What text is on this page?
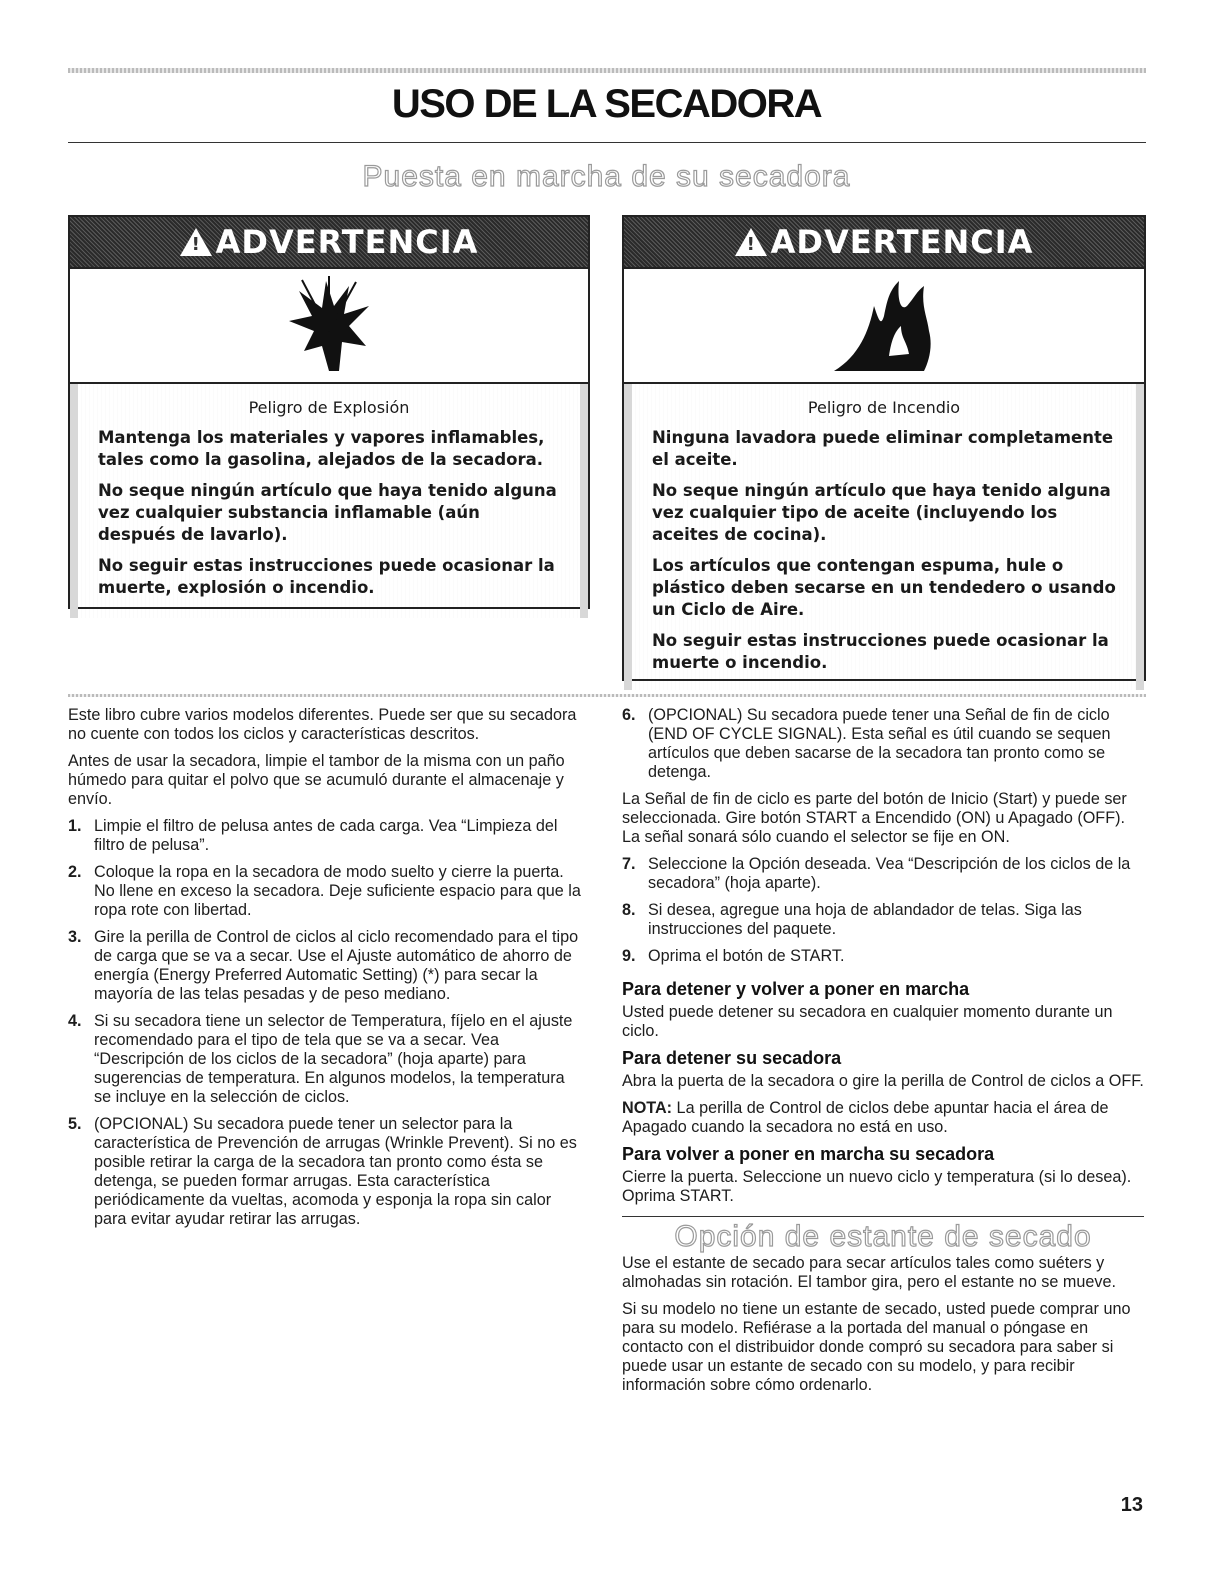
USO DE LA SECADORA
Puesta en marcha de su secadora
!
ADVERTENCIA
Peligro de Explosión

Mantenga los materiales y vapores inflamables, tales como la gasolina, alejados de la secadora.

No seque ningún artículo que haya tenido alguna vez cualquier substancia inflamable (aún después de lavarlo).

No seguir estas instrucciones puede ocasionar la muerte, explosión o incendio.

!
ADVERTENCIA
Peligro de Incendio

Ninguna lavadora puede eliminar completamente el aceite.

No seque ningún artículo que haya tenido alguna vez cualquier tipo de aceite (incluyendo los aceites de cocina).

Los artículos que contengan espuma, hule o plástico deben secarse en un tendedero o usando un Ciclo de Aire.

No seguir estas instrucciones puede ocasionar la muerte o incendio.

Este libro cubre varios modelos diferentes. Puede ser que su secadora no cuente con todos los ciclos y características descritos.

Antes de usar la secadora, limpie el tambor de la misma con un paño húmedo para quitar el polvo que se acumuló durante el almacenaje y envío.

1. Limpie el filtro de pelusa antes de cada carga. Vea “Limpieza del filtro de pelusa”.
2. Coloque la ropa en la secadora de modo suelto y cierre la puerta. No llene en exceso la secadora. Deje suficiente espacio para que la ropa rote con libertad.
3. Gire la perilla de Control de ciclos al ciclo recomendado para el tipo de carga que se va a secar. Use el Ajuste automático de ahorro de energía (Energy Preferred Automatic Setting) (*) para secar la mayoría de las telas pesadas y de peso mediano.
4. Si su secadora tiene un selector de Temperatura, fíjelo en el ajuste recomendado para el tipo de tela que se va a secar. Vea “Descripción de los ciclos de la secadora” (hoja aparte) para sugerencias de temperatura. En algunos modelos, la temperatura se incluye en la selección de ciclos.
5. (OPCIONAL) Su secadora puede tener un selector para la característica de Prevención de arrugas (Wrinkle Prevent). Si no es posible retirar la carga de la secadora tan pronto como ésta se detenga, se pueden formar arrugas. Esta característica periódicamente da vueltas, acomoda y esponja la ropa sin calor para evitar ayudar retirar las arrugas.
6. (OPCIONAL) Su secadora puede tener una Señal de fin de ciclo (END OF CYCLE SIGNAL). Esta señal es útil cuando se sequen artículos que deben sacarse de la secadora tan pronto como se detenga.

La Señal de fin de ciclo es parte del botón de Inicio (Start) y puede ser seleccionada. Gire botón START a Encendido (ON) u Apagado (OFF). La señal sonará sólo cuando el selector se fije en ON.

7. Seleccione la Opción deseada. Vea “Descripción de los ciclos de la secadora” (hoja aparte).
8. Si desea, agregue una hoja de ablandador de telas. Siga las instrucciones del paquete.
9. Oprima el botón de START.
Para detener y volver a poner en marcha

Usted puede detener su secadora en cualquier momento durante un ciclo.

Para detener su secadora

Abra la puerta de la secadora o gire la perilla de Control de ciclos a OFF.

NOTA: La perilla de Control de ciclos debe apuntar hacia el área de Apagado cuando la secadora no está en uso.

Para volver a poner en marcha su secadora

Cierre la puerta. Seleccione un nuevo ciclo y temperatura (si lo desea). Oprima START.

Opción de estante de secado

Use el estante de secado para secar artículos tales como suéters y almohadas sin rotación. El tambor gira, pero el estante no se mueve.

Si su modelo no tiene un estante de secado, usted puede comprar uno para su modelo. Refiérase a la portada del manual o póngase en contacto con el distribuidor donde compró su secadora para saber si puede usar un estante de secado con su modelo, y para recibir información sobre cómo ordenarlo.

13
